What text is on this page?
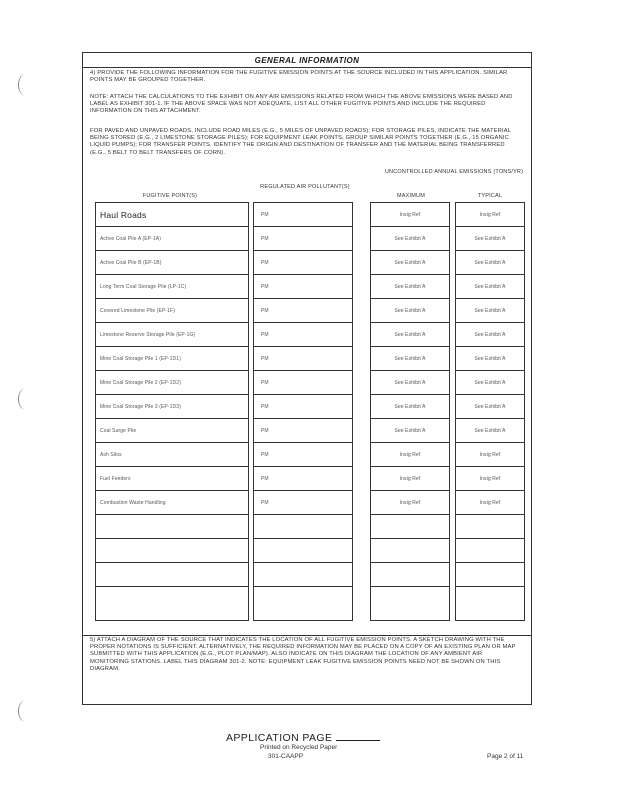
GENERAL INFORMATION
4) PROVIDE THE FOLLOWING INFORMATION FOR THE FUGITIVE EMISSION POINTS AT THE SOURCE INCLUDED IN THIS APPLICATION. SIMILAR POINTS MAY BE GROUPED TOGETHER.
NOTE: ATTACH THE CALCULATIONS TO THE EXHIBIT ON ANY AIR EMISSIONS RELATED FROM WHICH THE ABOVE EMISSIONS WERE BASED AND LABEL AS EXHIBIT 301-1. IF THE ABOVE SPACE WAS NOT ADEQUATE, LIST ALL OTHER FUGITIVE POINTS AND INCLUDE THE REQUIRED INFORMATION ON THIS ATTACHMENT.
FOR PAVED AND UNPAVED ROADS, INCLUDE ROAD MILES (E.G., 5 MILES OF UNPAVED ROADS); FOR STORAGE PILES, INDICATE THE MATERIAL BEING STORED (E.G., 2 LIMESTONE STORAGE PILES); FOR EQUIPMENT LEAK POINTS, GROUP SIMILAR POINTS TOGETHER (E.G., 15 ORGANIC LIQUID PUMPS); FOR TRANSFER POINTS, IDENTIFY THE ORIGIN AND DESTINATION OF TRANSFER AND THE MATERIAL BEING TRANSFERRED (E.G., 5 BELT TO BELT TRANSFERS OF CORN).
UNCONTROLLED ANNUAL EMISSIONS (TONS/YR)
FUGITIVE POINT(S)
REGULATED AIR POLLUTANT(S)
MAXIMUM	TYPICAL
Haul Roads	PM	Insig Ref	Insig Ref
Active Coal Pile A (EP-1A)	PM	See Exhibit A	See Exhibit A
Active Coal Pile B (EP-1B)	PM	See Exhibit A	See Exhibit A
Long Term Coal Storage Pile (LP-1C)	PM	See Exhibit A	See Exhibit A
Covered Limestone Pile (EP-1F)	PM	See Exhibit A	See Exhibit A
Limestone Reserve Storage Pile (EP-1G)	PM	See Exhibit A	See Exhibit A
Mine Coal Storage Pile 1 (EP-1D1)	PM	See Exhibit A	See Exhibit A
Mine Coal Storage Pile 2 (EP-1D2)	PM	See Exhibit A	See Exhibit A
Mine Coal Storage Pile 3 (EP-1D3)	PM	See Exhibit A	See Exhibit A
Coal Surge Pile	PM	See Exhibit A	See Exhibit A
Ash Silos	PM	Insig Ref	Insig Ref
Fuel Feeders	PM	Insig Ref	Insig Ref
Combustion Waste Handling	PM	Insig Ref	Insig Ref
5) ATTACH A DIAGRAM OF THE SOURCE THAT INDICATES THE LOCATION OF ALL FUGITIVE EMISSION POINTS. A SKETCH DRAWING WITH THE PROPER NOTATIONS IS SUFFICIENT. ALTERNATIVELY, THE REQUIRED INFORMATION MAY BE PLACED ON A COPY OF AN EXISTING PLAN OR MAP SUBMITTED WITH THIS APPLICATION (E.G., PLOT PLAN/MAP). ALSO INDICATE ON THIS DIAGRAM THE LOCATION OF ANY AMBIENT AIR MONITORING STATIONS. LABEL THIS DIAGRAM 301-2. NOTE: EQUIPMENT LEAK FUGITIVE EMISSION POINTS NEED NOT BE SHOWN ON THIS DIAGRAM.
APPLICATION PAGE
Printed on Recycled Paper
301-CAAPP	Page 2 of 11
